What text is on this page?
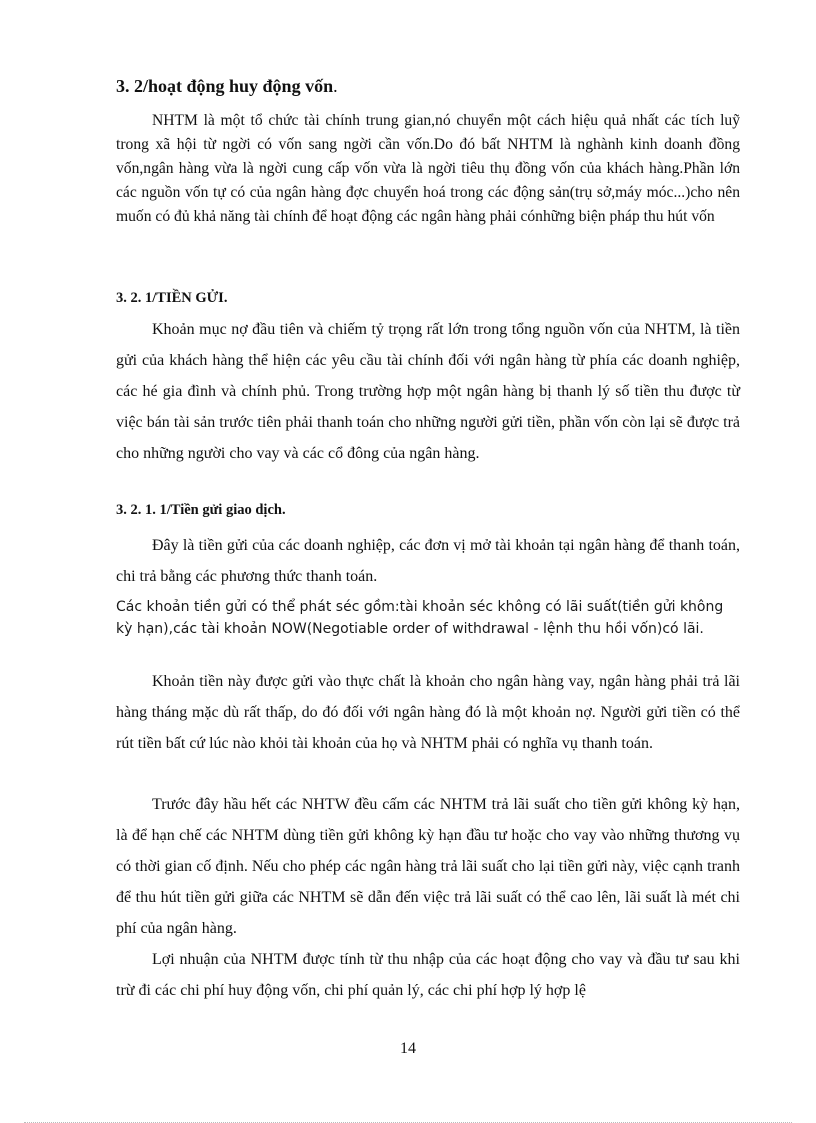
3. 2/hoạt động huy động vốn.

NHTM là một tổ chức tài chính trung gian,nó chuyển một cách hiệu quả nhất các tích luỹ trong xã hội từ ngời có vốn sang ngời cần vốn.Do đó bất NHTM là nghành kinh doanh đồng vốn,ngân hàng vừa là ngời cung cấp vốn vừa là ngời tiêu thụ đồng vốn của khách hàng.Phần lớn các nguồn vốn tự có của ngân hàng đợc chuyển hoá trong các động sản(trụ sở,máy móc...)cho nên muốn có đủ khả năng tài chính để hoạt động các ngân hàng phải cónhững biện pháp thu hút vốn

3. 2. 1/TIỀN GỬI.

Khoản mục nợ đầu tiên và chiếm tỷ trọng rất lớn trong tổng nguồn vốn của NHTM, là tiền gửi của khách hàng thể hiện các yêu cầu tài chính đối với ngân hàng từ phía các doanh nghiệp, các hé gia đình và chính phủ. Trong trường hợp một ngân hàng bị thanh lý số tiền thu được từ việc bán tài sản trước tiên phải thanh toán cho những người gửi tiền, phần vốn còn lại sẽ được trả cho những người cho vay và các cổ đông của ngân hàng.

3. 2. 1. 1/Tiền gửi giao dịch.

Đây là tiền gửi của các doanh nghiệp, các đơn vị mở tài khoản tại ngân hàng để thanh toán, chi trả bằng các phương thức thanh toán.

Các khoản tiền gửi có thể phát séc gồm:tài khoản séc không có lãi suất(tiền gửi không kỳ hạn),các tài khoản NOW(Negotiable order of withdrawal - lệnh thu hồi vốn)có lãi.

Khoản tiền này được gửi vào thực chất là khoản cho ngân hàng vay, ngân hàng phải trả lãi hàng tháng mặc dù rất thấp, do đó đối với ngân hàng đó là một khoản nợ. Người gửi tiền có thể rút tiền bất cứ lúc nào khỏi tài khoản của họ và NHTM phải có nghĩa vụ thanh toán.

Trước đây hầu hết các NHTW đều cấm các NHTM trả lãi suất cho tiền gửi không kỳ hạn, là để hạn chế các NHTM dùng tiền gửi không kỳ hạn đầu tư hoặc cho vay vào những thương vụ có thời gian cố định. Nếu cho phép các ngân hàng trả lãi suất cho lại tiền gửi này, việc cạnh tranh để thu hút tiền gửi giữa các NHTM sẽ dẫn đến việc trả lãi suất có thể cao lên, lãi suất là mét chi phí của ngân hàng.

Lợi nhuận của NHTM được tính từ thu nhập của các hoạt động cho vay và đầu tư sau khi trừ đi các chi phí huy động vốn, chi phí quản lý, các chi phí hợp lý hợp lệ

14
